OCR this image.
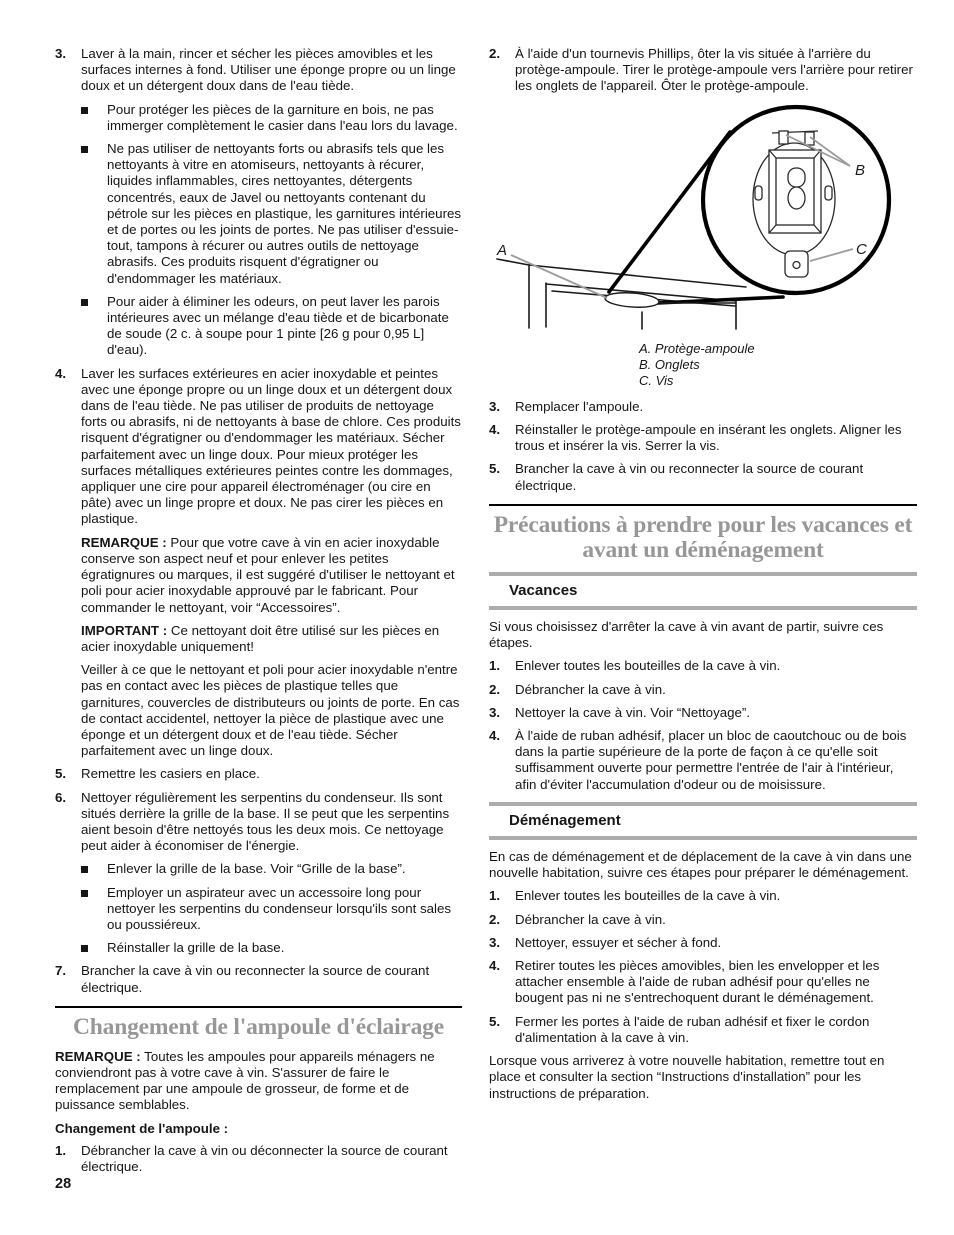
3.	Laver à la main, rincer et sécher les pièces amovibles et les surfaces internes à fond. Utiliser une éponge propre ou un linge doux et un détergent doux dans de l'eau tiède.
Pour protéger les pièces de la garniture en bois, ne pas immerger complètement le casier dans l'eau lors du lavage.
Ne pas utiliser de nettoyants forts ou abrasifs tels que les nettoyants à vitre en atomiseurs, nettoyants à récurer, liquides inflammables, cires nettoyantes, détergents concentrés, eaux de Javel ou nettoyants contenant du pétrole sur les pièces en plastique, les garnitures intérieures et de portes ou les joints de portes. Ne pas utiliser d'essuie-tout, tampons à récurer ou autres outils de nettoyage abrasifs. Ces produits risquent d'égratigner ou d'endommager les matériaux.
Pour aider à éliminer les odeurs, on peut laver les parois intérieures avec un mélange d'eau tiède et de bicarbonate de soude (2 c. à soupe pour 1 pinte [26 g pour 0,95 L] d'eau).
4.	Laver les surfaces extérieures en acier inoxydable et peintes avec une éponge propre ou un linge doux et un détergent doux dans de l'eau tiède. Ne pas utiliser de produits de nettoyage forts ou abrasifs, ni de nettoyants à base de chlore. Ces produits risquent d'égratigner ou d'endommager les matériaux. Sécher parfaitement avec un linge doux. Pour mieux protéger les surfaces métalliques extérieures peintes contre les dommages, appliquer une cire pour appareil électroménager (ou cire en pâte) avec un linge propre et doux. Ne pas cirer les pièces en plastique.
REMARQUE : Pour que votre cave à vin en acier inoxydable conserve son aspect neuf et pour enlever les petites égratignures ou marques, il est suggéré d'utiliser le nettoyant et poli pour acier inoxydable approuvé par le fabricant. Pour commander le nettoyant, voir “Accessoires”.
IMPORTANT : Ce nettoyant doit être utilisé sur les pièces en acier inoxydable uniquement!
Veiller à ce que le nettoyant et poli pour acier inoxydable n'entre pas en contact avec les pièces de plastique telles que garnitures, couvercles de distributeurs ou joints de porte. En cas de contact accidentel, nettoyer la pièce de plastique avec une éponge et un détergent doux et de l'eau tiède. Sécher parfaitement avec un linge doux.
5.	Remettre les casiers en place.
6.	Nettoyer régulièrement les serpentins du condenseur. Ils sont situés derrière la grille de la base. Il se peut que les serpentins aient besoin d'être nettoyés tous les deux mois. Ce nettoyage peut aider à économiser de l'énergie.
Enlever la grille de la base. Voir “Grille de la base”.
Employer un aspirateur avec un accessoire long pour nettoyer les serpentins du condenseur lorsqu'ils sont sales ou poussiéreux.
Réinstaller la grille de la base.
7.	Brancher la cave à vin ou reconnecter la source de courant électrique.
Changement de l'ampoule d'éclairage
REMARQUE : Toutes les ampoules pour appareils ménagers ne conviendront pas à votre cave à vin. S'assurer de faire le remplacement par une ampoule de grosseur, de forme et de puissance semblables.
Changement de l'ampoule :
1.	Débrancher la cave à vin ou déconnecter la source de courant électrique.
2.	À l'aide d'un tournevis Phillips, ôter la vis située à l'arrière du protège-ampoule. Tirer le protège-ampoule vers l'arrière pour retirer les onglets de l'appareil. Ôter le protège-ampoule.
A
B
C
A. Protège-ampoule
B. Onglets
C. Vis
3.	Remplacer l'ampoule.
4.	Réinstaller le protège-ampoule en insérant les onglets. Aligner les trous et insérer la vis. Serrer la vis.
5.	Brancher la cave à vin ou reconnecter la source de courant électrique.
Précautions à prendre pour les vacances et avant un déménagement
Vacances
Si vous choisissez d'arrêter la cave à vin avant de partir, suivre ces étapes.
1.	Enlever toutes les bouteilles de la cave à vin.
2.	Débrancher la cave à vin.
3.	Nettoyer la cave à vin. Voir “Nettoyage”.
4.	À l'aide de ruban adhésif, placer un bloc de caoutchouc ou de bois dans la partie supérieure de la porte de façon à ce qu'elle soit suffisamment ouverte pour permettre l'entrée de l'air à l'intérieur, afin d'éviter l'accumulation d'odeur ou de moisissure.
Déménagement
En cas de déménagement et de déplacement de la cave à vin dans une nouvelle habitation, suivre ces étapes pour préparer le déménagement.
1.	Enlever toutes les bouteilles de la cave à vin.
2.	Débrancher la cave à vin.
3.	Nettoyer, essuyer et sécher à fond.
4.	Retirer toutes les pièces amovibles, bien les envelopper et les attacher ensemble à l'aide de ruban adhésif pour qu'elles ne bougent pas ni ne s'entrechoquent durant le déménagement.
5.	Fermer les portes à l'aide de ruban adhésif et fixer le cordon d'alimentation à la cave à vin.
Lorsque vous arriverez à votre nouvelle habitation, remettre tout en place et consulter la section “Instructions d'installation” pour les instructions de préparation.
28
